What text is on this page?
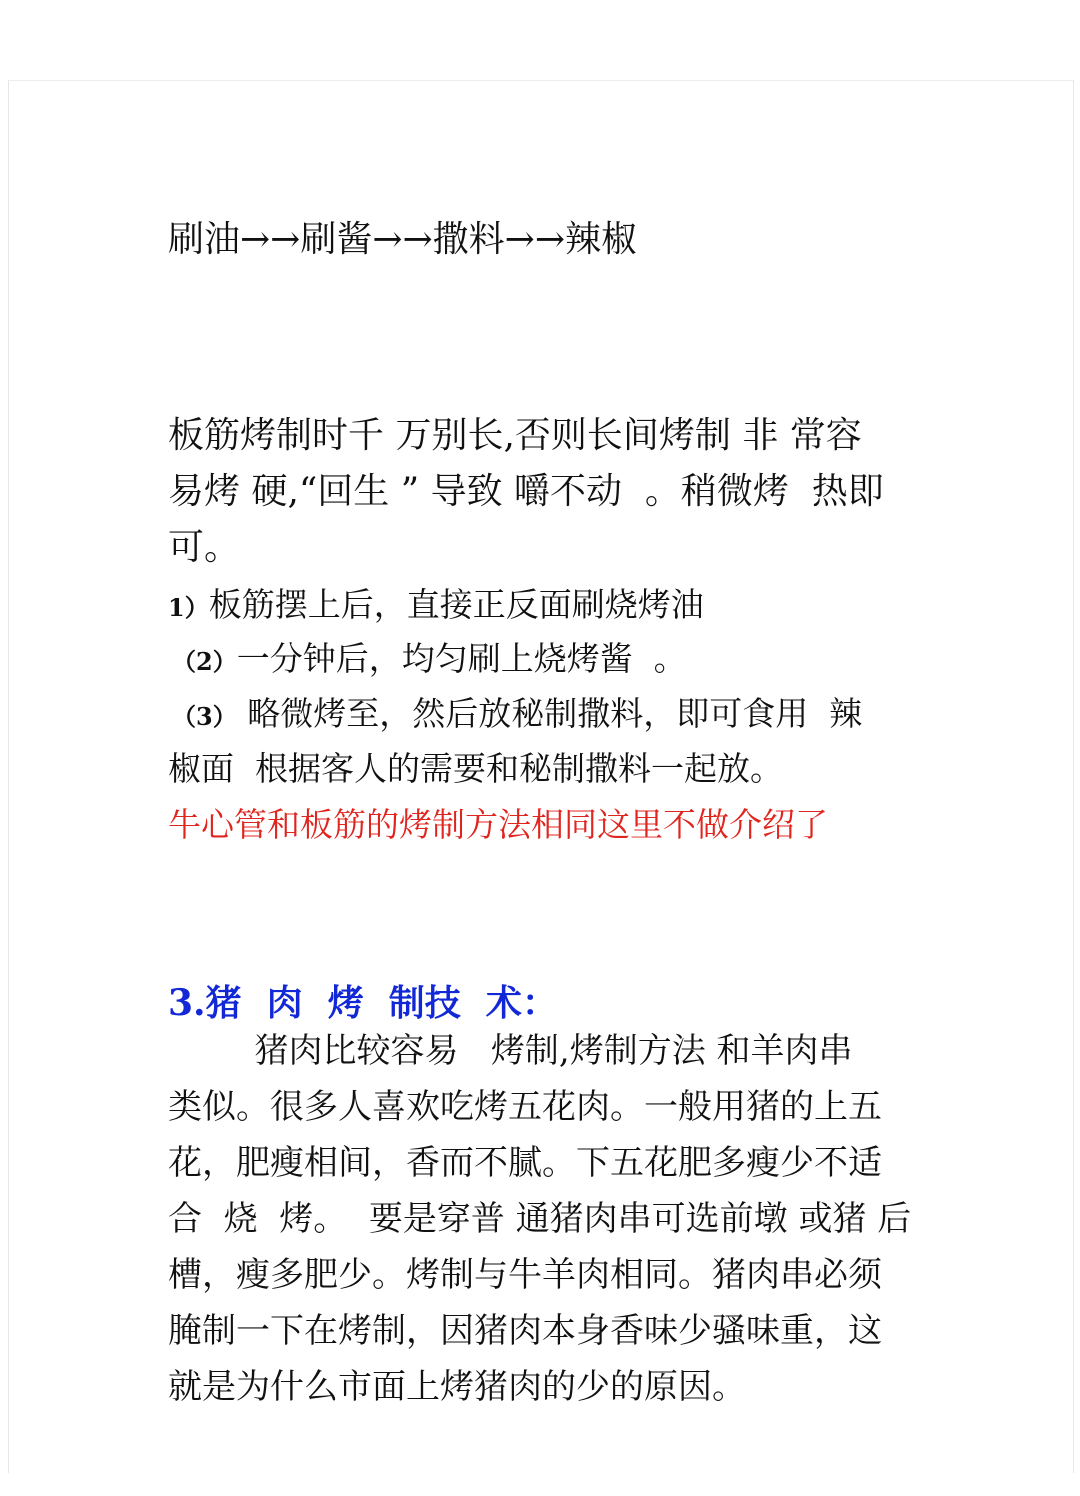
刷油→→刷酱→→撒料→→辣椒
板筋烤制时千 万别长,否则长间烤制 非 常容
易烤 硬,“回生 ” 导致 嚼不动  。稍微烤  热即
可。
1）板筋摆上后，直接正反面刷烧烤油
（2）一分钟后，均匀刷上烧烤酱  。
（3） 略微烤至，然后放秘制撒料，即可食用  辣
椒面  根据客人的需要和秘制撒料一起放。
牛心管和板筋的烤制方法相同这里不做介绍了
3.猪  肉  烤  制技  术：
猪肉比较容易   烤制,烤制方法 和羊肉串
类似。很多人喜欢吃烤五花肉。一般用猪的上五
花，肥瘦相间，香而不腻。下五花肥多瘦少不适
合  烧  烤。  要是穿普 通猪肉串可选前墩 或猪 后
槽，瘦多肥少。烤制与牛羊肉相同。猪肉串必须
腌制一下在烤制，因猪肉本身香味少骚味重，这
就是为什么市面上烤猪肉的少的原因。
